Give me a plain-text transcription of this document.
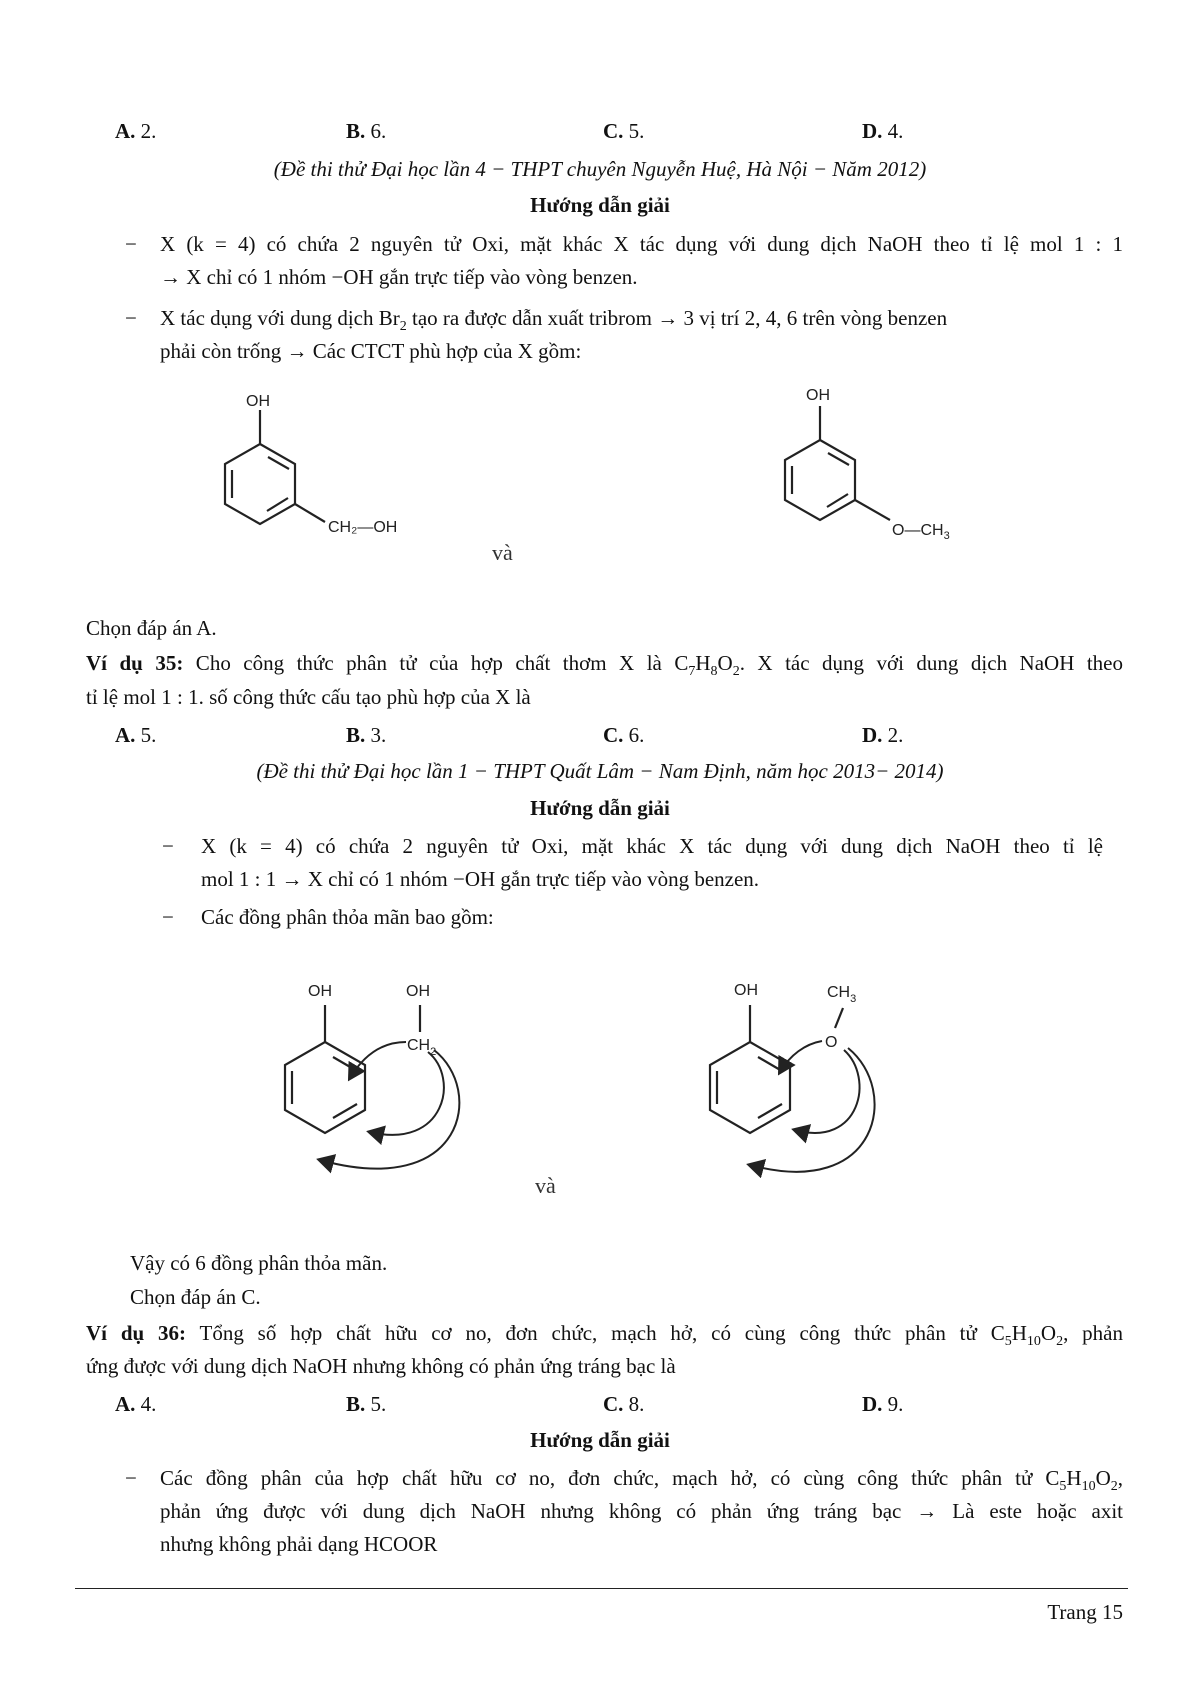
A. 2.	B. 6.	C. 5.	D. 4.
(Đề thi thử Đại học lần 4 − THPT chuyên Nguyễn Huệ, Hà Nội − Năm 2012)
Hướng dẫn giải
− X (k = 4) có chứa 2 nguyên tử Oxi, mặt khác X tác dụng với dung dịch NaOH theo tỉ lệ mol 1 : 1
→ X chỉ có 1 nhóm −OH gắn trực tiếp vào vòng benzen.
− X tác dụng với dung dịch $Br_2$ tạo ra được dẫn xuất tribrom → 3 vị trí 2, 4, 6 trên vòng benzen
phải còn trống → Các CTCT phù hợp của X gồm:
OH
CH₂—OH
và
OH
$O—CH_3$
Chọn đáp án A.
Ví dụ 35: Cho công thức phân tử của hợp chất thơm X là $C_7H_8O_2$. X tác dụng với dung dịch NaOH theo
tỉ lệ mol 1 : 1. số công thức cấu tạo phù hợp của X là
A. 5.	B. 3.	C. 6.	D. 2.
(Đề thi thử Đại học lần 1 − THPT Quất Lâm − Nam Định, năm học 2013− 2014)
Hướng dẫn giải
− X (k = 4) có chứa 2 nguyên tử Oxi, mặt khác X tác dụng với dung dịch NaOH theo tỉ lệ
mol 1 : 1 → X chỉ có 1 nhóm −OH gắn trực tiếp vào vòng benzen.
− Các đồng phân thỏa mãn bao gồm:
OH	OH
$CH_2$
và
OH	$CH_3$
O
Vậy có 6 đồng phân thỏa mãn.
Chọn đáp án C.
Ví dụ 36: Tổng số hợp chất hữu cơ no, đơn chức, mạch hở, có cùng công thức phân tử $C_5H_{10}O_2$, phản
ứng được với dung dịch NaOH nhưng không có phản ứng tráng bạc là
A. 4.	B. 5.	C. 8.	D. 9.
Hướng dẫn giải
− Các đồng phân của hợp chất hữu cơ no, đơn chức, mạch hở, có cùng công thức phân tử $C_5H_{10}O_2$,
phản ứng được với dung dịch NaOH nhưng không có phản ứng tráng bạc → Là este hoặc axit
nhưng không phải dạng HCOOR
Trang 15
